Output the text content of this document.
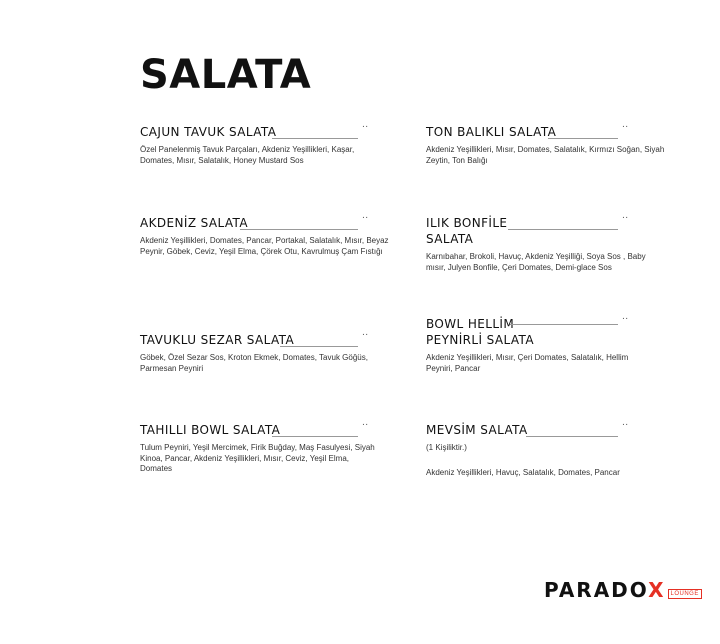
SALATA
CAJUN TAVUK SALATA	..
Özel Panelenmiş Tavuk Parçaları, Akdeniz Yeşillikleri, Kaşar, Domates, Mısır, Salatalık, Honey Mustard Sos
TON BALIKLI SALATA	..
Akdeniz Yeşillikleri, Mısır, Domates, Salatalık, Kırmızı Soğan, Siyah Zeytin, Ton Balığı
AKDENİZ SALATA	..
Akdeniz Yeşillikleri, Domates, Pancar, Portakal, Salatalık, Mısır, Beyaz Peynir, Göbek, Ceviz, Yeşil Elma, Çörek Otu, Kavrulmuş Çam Fıstığı
ILIK BONFİLE
SALATA
..
Karnıbahar, Brokoli, Havuç, Akdeniz Yeşilliği, Soya Sos , Baby mısır, Julyen Bonfile, Çeri Domates, Demi-glace Sos
TAVUKLU SEZAR SALATA	..
Göbek, Özel Sezar Sos, Kroton Ekmek, Domates, Tavuk Göğüs, Parmesan Peyniri
BOWL HELLİM
PEYNİRLİ SALATA
..
Akdeniz Yeşillikleri, Mısır, Çeri Domates, Salatalık, Hellim Peyniri, Pancar
TAHILLI BOWL SALATA	..
Tulum Peyniri, Yeşil Mercimek, Firik Buğday, Maş Fasulyesi, Siyah Kinoa, Pancar, Akdeniz Yeşillikleri, Mısır, Ceviz, Yeşil Elma, Domates
MEVSİM SALATA	..
(1 Kişiliktir.)
Akdeniz Yeşillikleri, Havuç, Salatalık, Domates, Pancar
PARADOX LOUNGE
